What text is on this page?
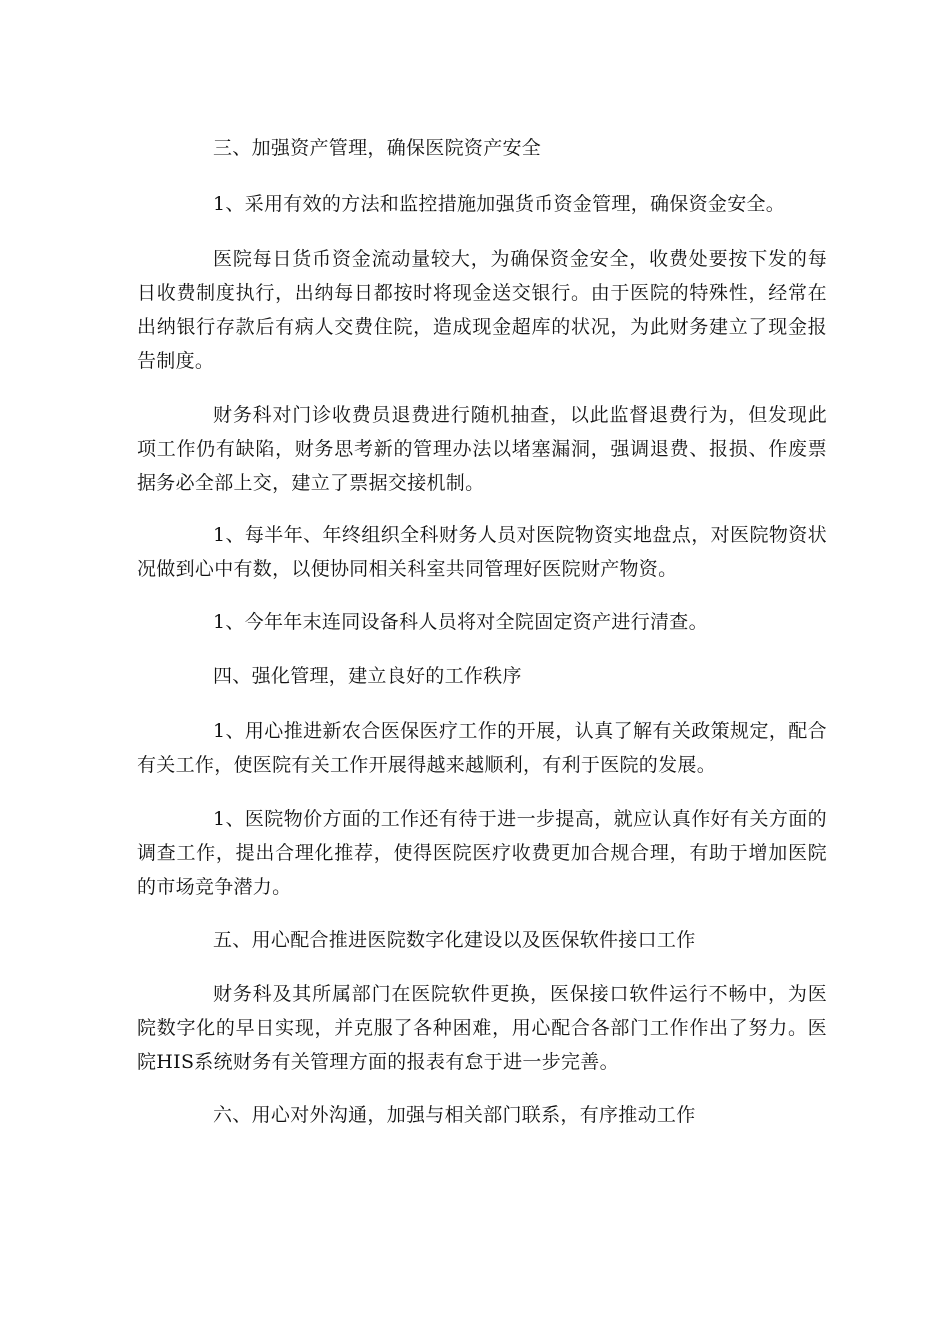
三、加强资产管理，确保医院资产安全

1、采用有效的方法和监控措施加强货币资金管理，确保资金安全。

医院每日货币资金流动量较大，为确保资金安全，收费处要按下发的每日收费制度执行，出纳每日都按时将现金送交银行。由于医院的特殊性，经常在出纳银行存款后有病人交费住院，造成现金超库的状况，为此财务建立了现金报告制度。

财务科对门诊收费员退费进行随机抽查，以此监督退费行为，但发现此项工作仍有缺陷，财务思考新的管理办法以堵塞漏洞，强调退费、报损、作废票据务必全部上交，建立了票据交接机制。

1、每半年、年终组织全科财务人员对医院物资实地盘点，对医院物资状况做到心中有数，以便协同相关科室共同管理好医院财产物资。

1、今年年末连同设备科人员将对全院固定资产进行清查。

四、强化管理，建立良好的工作秩序

1、用心推进新农合医保医疗工作的开展，认真了解有关政策规定，配合有关工作，使医院有关工作开展得越来越顺利，有利于医院的发展。

1、医院物价方面的工作还有待于进一步提高，就应认真作好有关方面的调查工作，提出合理化推荐，使得医院医疗收费更加合规合理，有助于增加医院的市场竞争潜力。

五、用心配合推进医院数字化建设以及医保软件接口工作

财务科及其所属部门在医院软件更换，医保接口软件运行不畅中，为医院数字化的早日实现，并克服了各种困难，用心配合各部门工作作出了努力。医院HIS系统财务有关管理方面的报表有怠于进一步完善。

六、用心对外沟通，加强与相关部门联系，有序推动工作
